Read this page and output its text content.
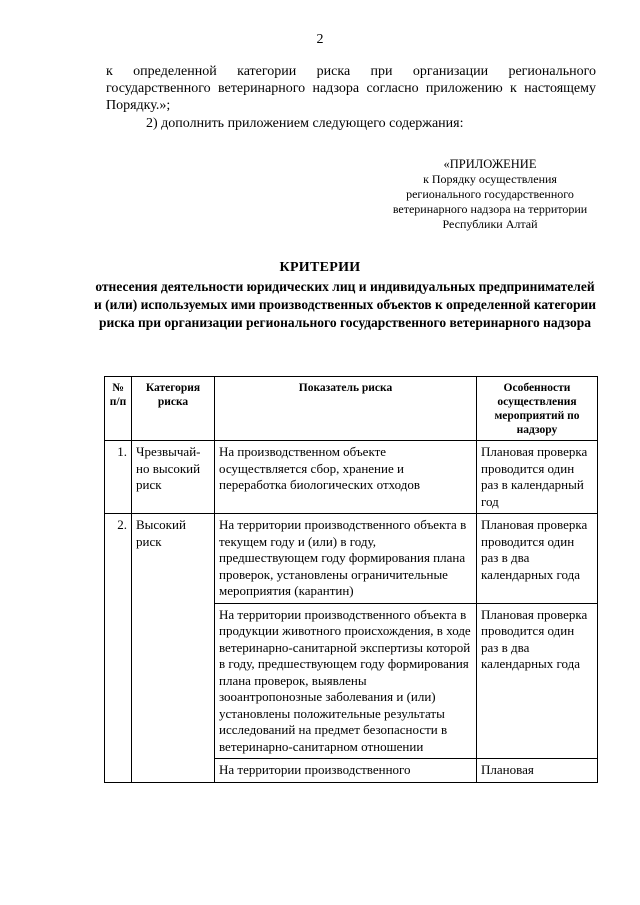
2
к определенной категории риска при организации регионального государственного ветеринарного надзора согласно приложению к настоящему Порядку.»;
2) дополнить приложением следующего содержания:
«ПРИЛОЖЕНИЕ
к Порядку осуществления
регионального государственного
ветеринарного надзора на территории
Республики Алтай
КРИТЕРИИ
отнесения деятельности юридических лиц и индивидуальных предпринимателей и (или) используемых ими производственных объектов к определенной категории риска при организации регионального государственного ветеринарного надзора
№ п/п	Категория риска	Показатель риска	Особенности осуществления мероприятий по надзору
1.	Чрезвычай-но высокий риск	На производственном объекте осуществляется сбор, хранение и переработка биологических отходов	Плановая проверка проводится один раз в календарный год
2.	Высокий риск	На территории производственного объекта в текущем году и (или) в году, предшествующем году формирования плана проверок, установлены ограничительные мероприятия (карантин)	Плановая проверка проводится один раз в два календарных года
		На территории производственного объекта в продукции животного происхождения, в ходе ветеринарно-санитарной экспертизы которой в году, предшествующем году формирования плана проверок, выявлены зооантропонозные заболевания и (или) установлены положительные результаты исследований на предмет безопасности в ветеринарно-санитарном отношении	Плановая проверка проводится один раз в два календарных года
		На территории производственного	Плановая
